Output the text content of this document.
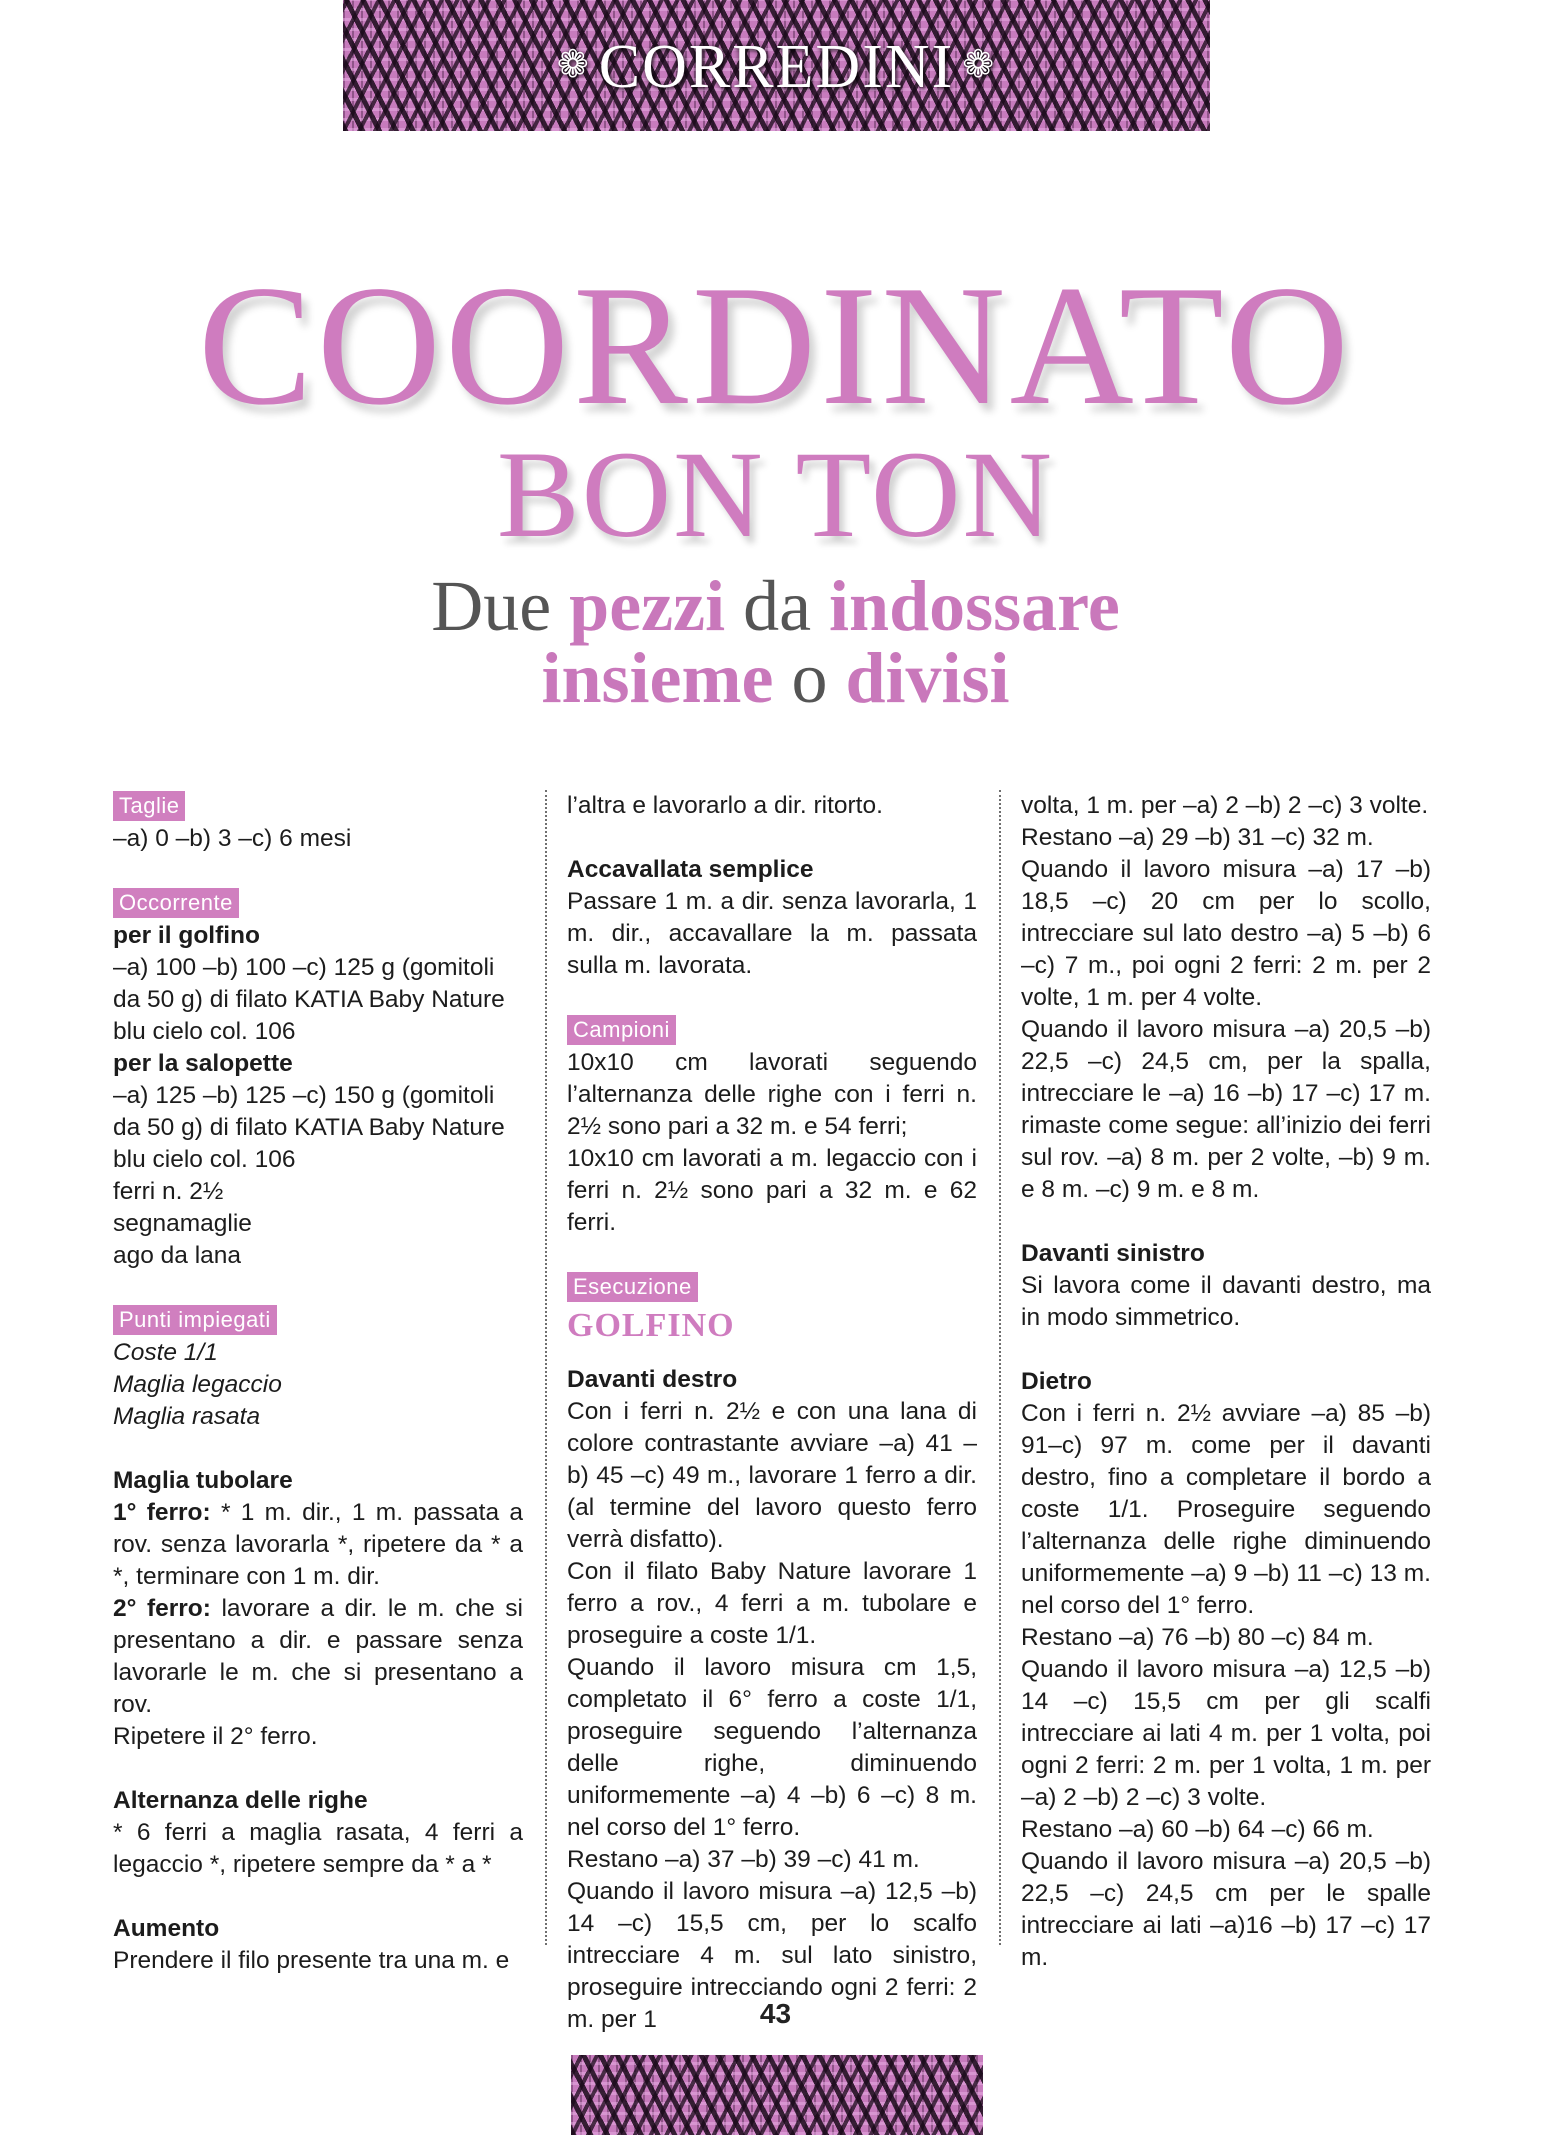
❁ CORREDINI ❁
COORDINATO
BON TON
Due pezzi da indossare
insieme o divisi
Taglie

–a) 0 –b) 3 –c) 6 mesi

Occorrente

per il golfino

–a) 100 –b) 100 –c) 125 g (gomitoli da 50 g) di filato KATIA Baby Nature blu cielo col. 106

per la salopette

–a) 125 –b) 125 –c) 150 g (gomitoli da 50 g) di filato KATIA Baby Nature blu cielo col. 106

ferri n. 2½

segnamaglie

ago da lana

Punti impiegati

Coste 1/1

Maglia legaccio

Maglia rasata

Maglia tubolare

1° ferro: * 1 m. dir., 1 m. passata a rov. senza lavorarla *, ripetere da * a *, terminare con 1 m. dir.

2° ferro: lavorare a dir. le m. che si presentano a dir. e passare senza lavorarle le m. che si presentano a rov.

Ripetere il 2° ferro.

Alternanza delle righe

* 6 ferri a maglia rasata, 4 ferri a legaccio *, ripetere sempre da * a *

Aumento

Prendere il filo presente tra una m. e

l’altra e lavorarlo a dir. ritorto.

Accavallata semplice

Passare 1 m. a dir. senza lavorarla, 1 m. dir., accavallare la m. passata sulla m. lavorata.

Campioni

10x10 cm lavorati seguendo l’alternanza delle righe con i ferri n. 2½ sono pari a 32 m. e 54 ferri;

10x10 cm lavorati a m. legaccio con i ferri n. 2½ sono pari a 32 m. e 62 ferri.

Esecuzione

GOLFINO

Davanti destro

Con i ferri n. 2½ e con una lana di colore contrastante avviare –a) 41 –b) 45 –c) 49 m., lavorare 1 ferro a dir. (al termine del lavoro questo ferro verrà disfatto).

Con il filato Baby Nature lavorare 1 ferro a rov., 4 ferri a m. tubolare e proseguire a coste 1/1.

Quando il lavoro misura cm 1,5, completato il 6° ferro a coste 1/1, proseguire seguendo l’alternanza delle righe, diminuendo uniformemente –a) 4 –b) 6 –c) 8 m. nel corso del 1° ferro.

Restano –a) 37 –b) 39 –c) 41 m.

Quando il lavoro misura –a) 12,5 –b) 14 –c) 15,5 cm, per lo scalfo intrecciare 4 m. sul lato sinistro, proseguire intrecciando ogni 2 ferri: 2 m. per 1

volta, 1 m. per –a) 2 –b) 2 –c) 3 volte.

Restano –a) 29 –b) 31 –c) 32 m.

Quando il lavoro misura –a) 17 –b) 18,5 –c) 20 cm per lo scollo, intrecciare sul lato destro –a) 5 –b) 6 –c) 7 m., poi ogni 2 ferri: 2 m. per 2 volte, 1 m. per 4 volte.

Quando il lavoro misura –a) 20,5 –b) 22,5 –c) 24,5 cm, per la spalla, intrecciare le –a) 16 –b) 17 –c) 17 m. rimaste come segue: all’inizio dei ferri sul rov. –a) 8 m. per 2 volte, –b) 9 m. e 8 m. –c) 9 m. e 8 m.

Davanti sinistro

Si lavora come il davanti destro, ma in modo simmetrico.

Dietro

Con i ferri n. 2½ avviare –a) 85 –b) 91–c) 97 m. come per il davanti destro, fino a completare il bordo a coste 1/1. Proseguire seguendo l’alternanza delle righe diminuendo uniformemente –a) 9 –b) 11 –c) 13 m. nel corso del 1° ferro.

Restano –a) 76 –b) 80 –c) 84 m.

Quando il lavoro misura –a) 12,5 –b) 14 –c) 15,5 cm per gli scalfi intrecciare ai lati 4 m. per 1 volta, poi ogni 2 ferri: 2 m. per 1 volta, 1 m. per –a) 2 –b) 2 –c) 3 volte.

Restano –a) 60 –b) 64 –c) 66 m.

Quando il lavoro misura –a) 20,5 –b) 22,5 –c) 24,5 cm per le spalle intrecciare ai lati –a)16 –b) 17 –c) 17 m.

43
